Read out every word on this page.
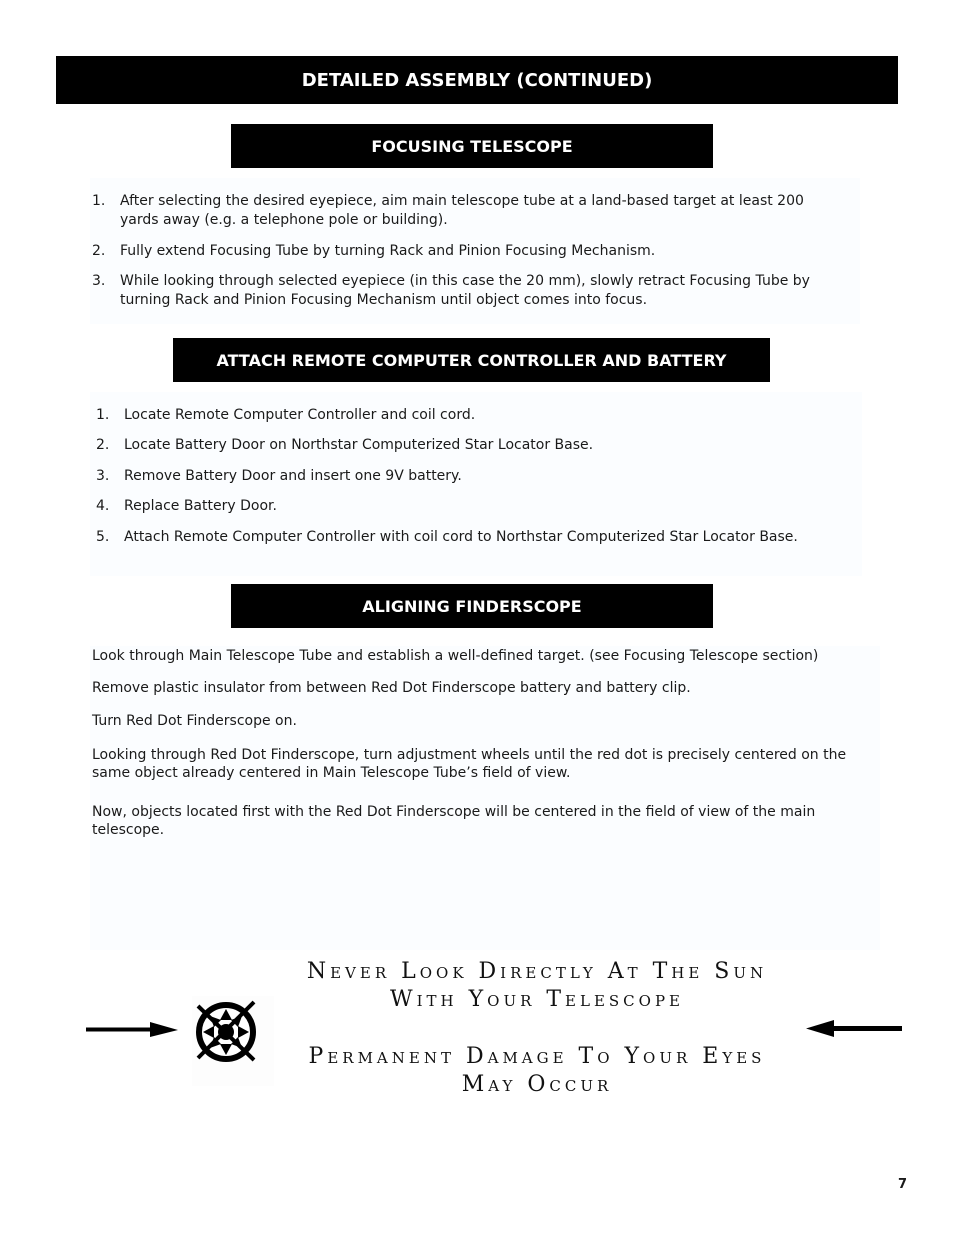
DETAILED ASSEMBLY (CONTINUED)
FOCUSING TELESCOPE
1.	After selecting the desired eyepiece, aim main telescope tube at a land-based target at least 200 yards away (e.g. a telephone pole or building).
2.	Fully extend Focusing Tube by turning Rack and Pinion Focusing Mechanism.
3.	While looking through selected eyepiece (in this case the 20 mm), slowly retract Focusing Tube by turning Rack and Pinion Focusing Mechanism until object comes into focus.
ATTACH REMOTE COMPUTER CONTROLLER AND BATTERY
1.	Locate Remote Computer Controller and coil cord.
2.	Locate Battery Door on Northstar Computerized Star Locator Base.
3.	Remove Battery Door and insert one 9V battery.
4.	Replace Battery Door.
5.	Attach Remote Computer Controller with coil cord to Northstar Computerized Star Locator Base.
ALIGNING FINDERSCOPE

Look through Main Telescope Tube and establish a well-defined target. (see Focusing Telescope section)

Remove plastic insulator from between Red Dot Finderscope battery and battery clip.

Turn Red Dot Finderscope on.

Looking through Red Dot Finderscope, turn adjustment wheels until the red dot is precisely centered on the same object already centered in Main Telescope Tube’s field of view.

Now, objects located first with the Red Dot Finderscope will be centered in the field of view of the main telescope.

Never Look Directly At The Sun
With Your Telescope
Permanent Damage To Your Eyes
May Occur
7
